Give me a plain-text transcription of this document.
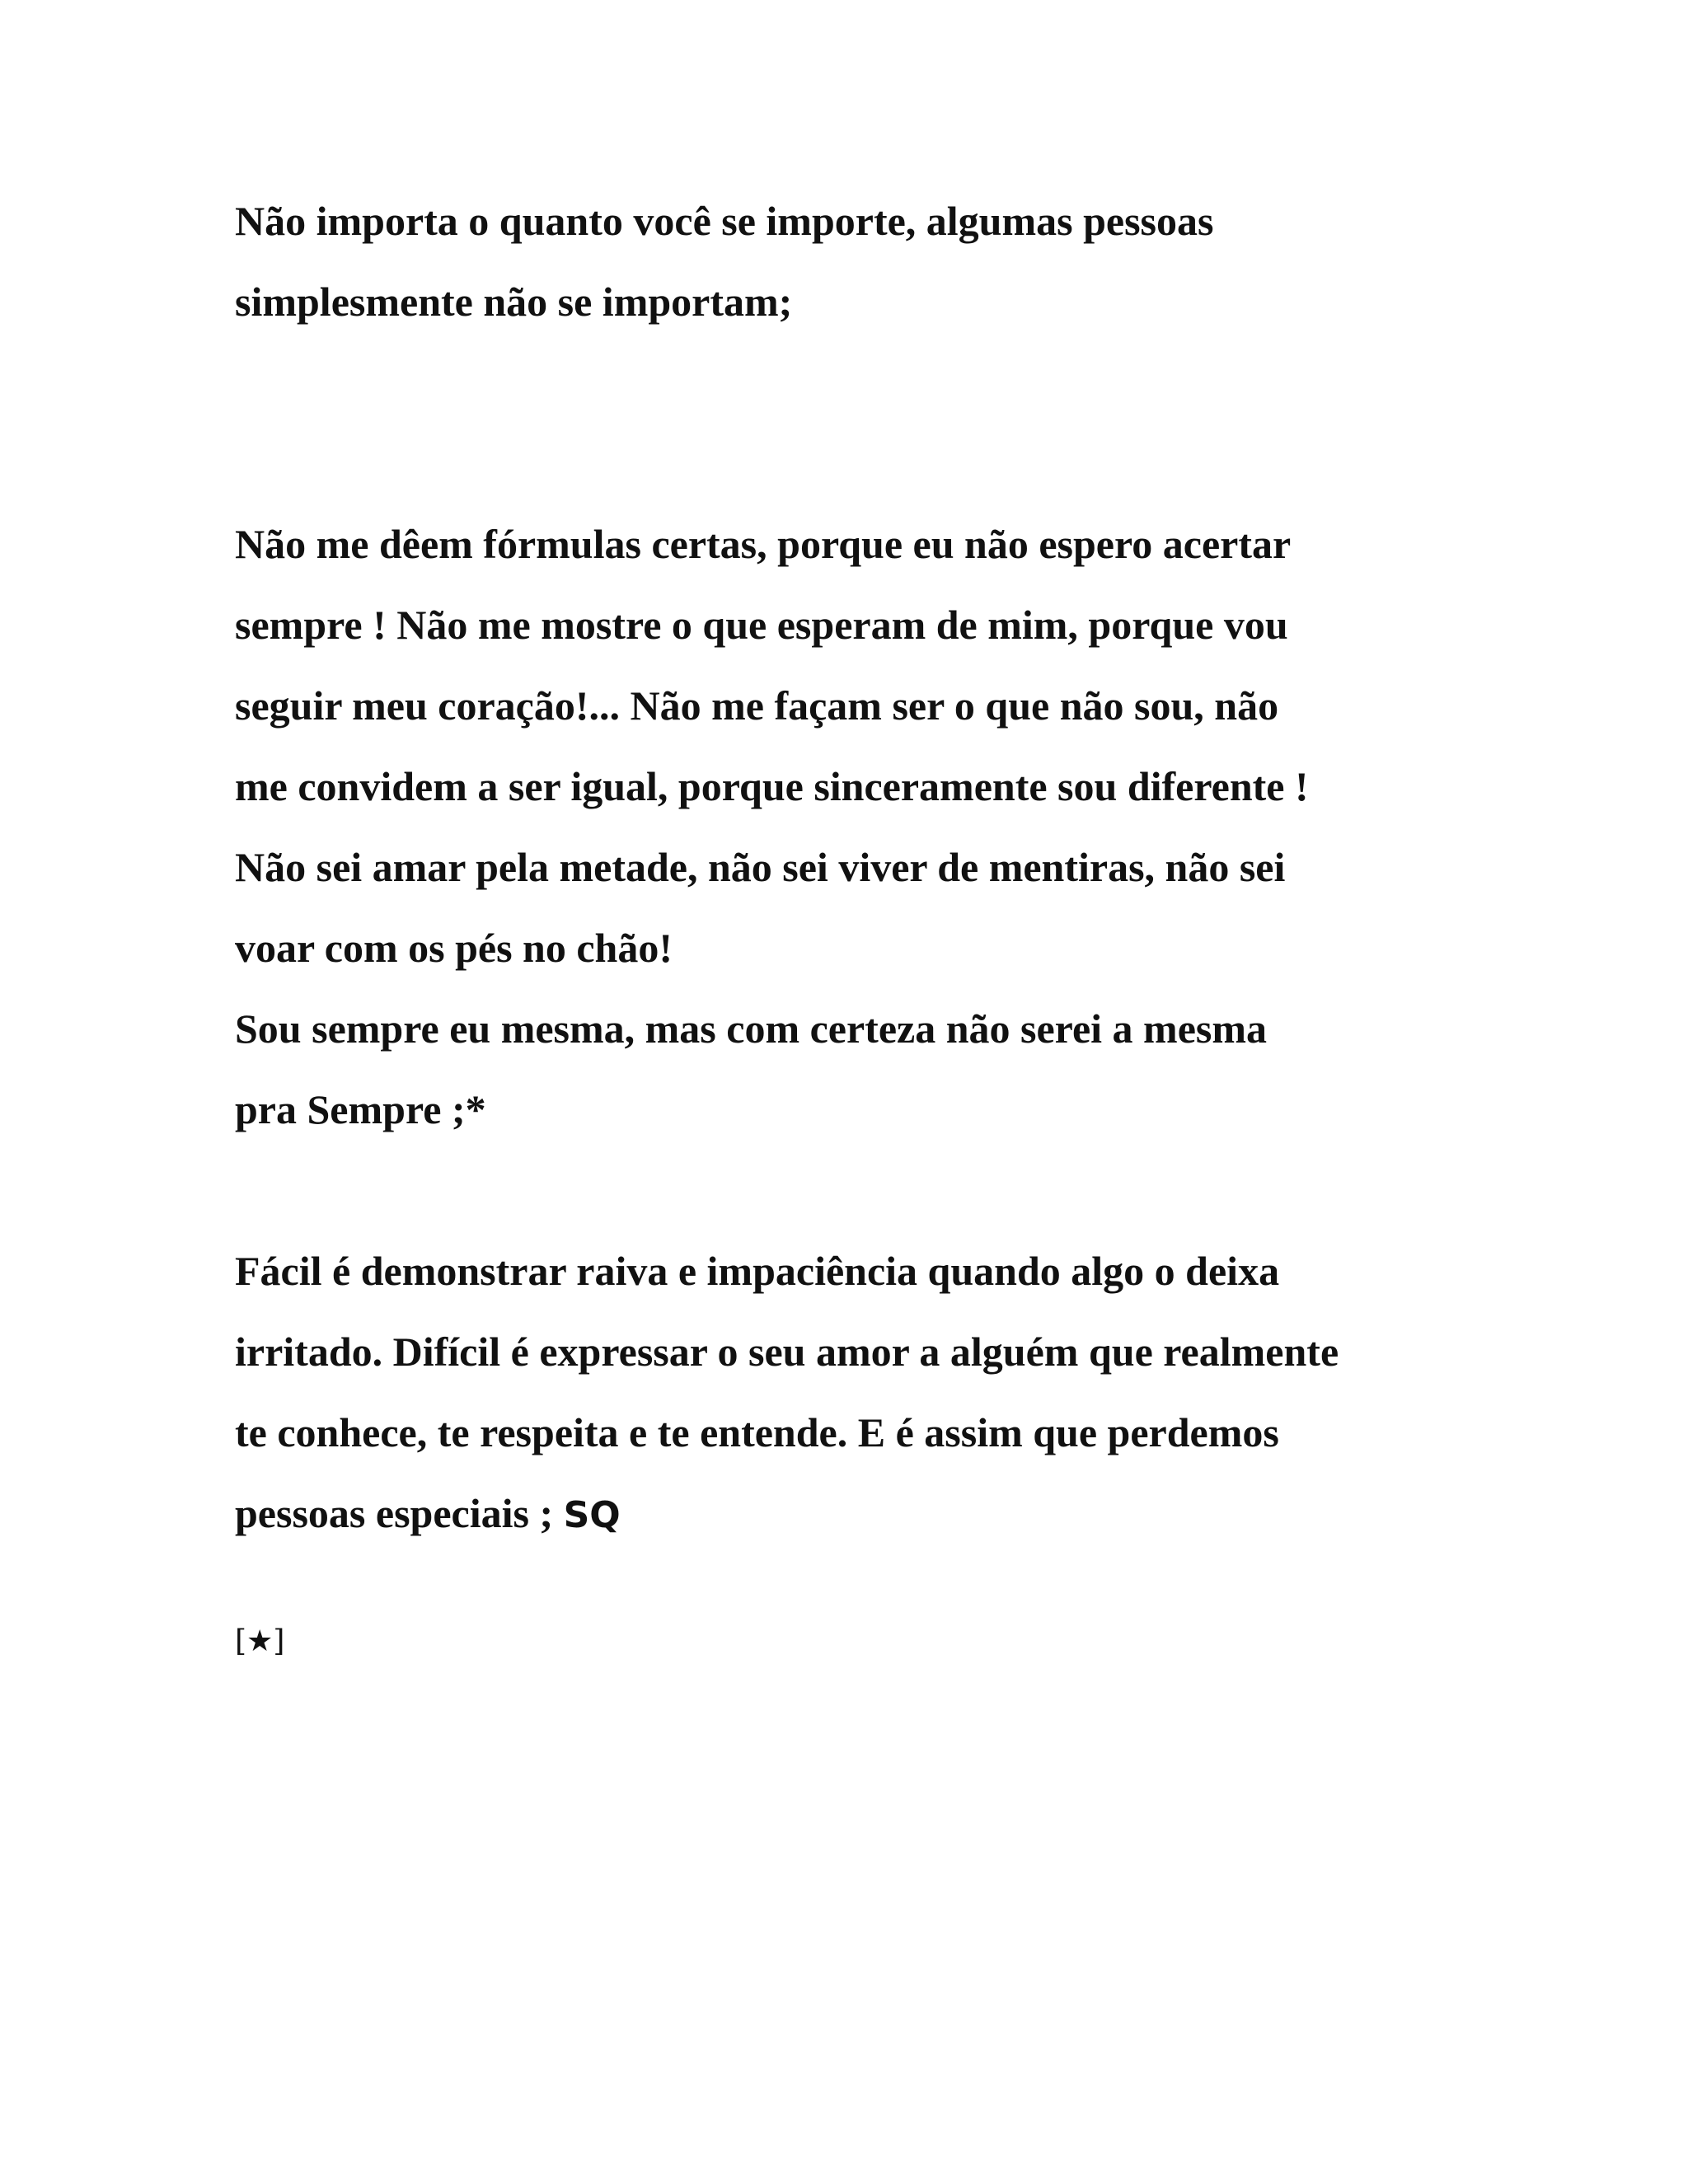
Não importa o quanto você se importe, algumas pessoas

simplesmente não se importam;

Não me dêem fórmulas certas, porque eu não espero acertar

sempre ! Não me mostre o que esperam de mim, porque vou

seguir meu coração!... Não me façam ser o que não sou, não

me convidem a ser igual, porque sinceramente sou diferente !

Não sei amar pela metade, não sei viver de mentiras, não sei

voar com os pés no chão!

Sou sempre eu mesma, mas com certeza não serei a mesma

pra Sempre ;*

Fácil é demonstrar raiva e impaciência quando algo o deixa

irritado. Difícil é expressar o seu amor a alguém que realmente

te conhece, te respeita e te entende. E é assim que perdemos

pessoas especiais ; SQ

[★]
